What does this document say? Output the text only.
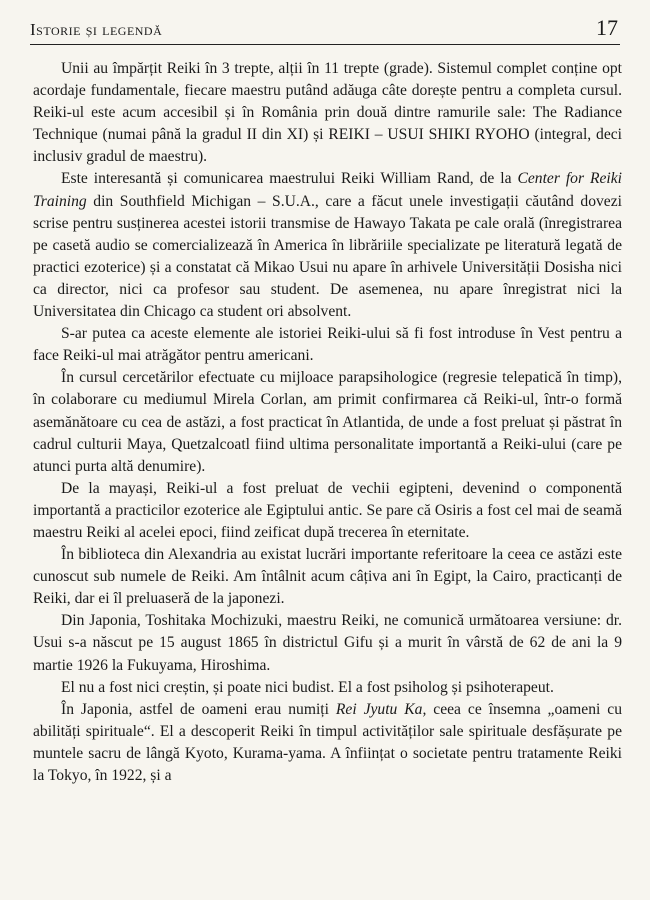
Istorie și legendă	17

Unii au împărțit Reiki în 3 trepte, alții în 11 trepte (grade). Sistemul complet conține opt acordaje fundamentale, fiecare maestru putând adăuga câte dorește pentru a completa cursul. Reiki-ul este acum accesibil și în România prin două dintre ramurile sale: The Radiance Technique (numai până la gradul II din XI) și REIKI – USUI SHIKI RYOHO (integral, deci inclusiv gradul de maestru).

Este interesantă și comunicarea maestrului Reiki William Rand, de la Center for Reiki Training din Southfield Michigan – S.U.A., care a făcut unele investigații căutând dovezi scrise pentru susținerea acestei istorii transmise de Hawayo Takata pe cale orală (înregistrarea pe casetă audio se comercializează în America în librăriile specializate pe literatură legată de practici ezoterice) și a constatat că Mikao Usui nu apare în arhivele Universității Dosisha nici ca director, nici ca profesor sau student. De asemenea, nu apare înregistrat nici la Universitatea din Chicago ca student ori absolvent.

S-ar putea ca aceste elemente ale istoriei Reiki-ului să fi fost introduse în Vest pentru a face Reiki-ul mai atrăgător pentru americani.

În cursul cercetărilor efectuate cu mijloace parapsihologice (regresie telepatică în timp), în colaborare cu mediumul Mirela Corlan, am primit confirmarea că Reiki-ul, într-o formă asemănătoare cu cea de astăzi, a fost practicat în Atlantida, de unde a fost preluat și păstrat în cadrul culturii Maya, Quetzalcoatl fiind ultima personalitate importantă a Reiki-ului (care pe atunci purta altă denumire).

De la mayași, Reiki-ul a fost preluat de vechii egipteni, devenind o componentă importantă a practicilor ezoterice ale Egiptului antic. Se pare că Osiris a fost cel mai de seamă maestru Reiki al acelei epoci, fiind zeificat după trecerea în eternitate.

În biblioteca din Alexandria au existat lucrări importante referitoare la ceea ce astăzi este cunoscut sub numele de Reiki. Am întâlnit acum câțiva ani în Egipt, la Cairo, practicanți de Reiki, dar ei îl preluaseră de la japonezi.

Din Japonia, Toshitaka Mochizuki, maestru Reiki, ne comunică următoarea versiune: dr. Usui s-a născut pe 15 august 1865 în districtul Gifu și a murit în vârstă de 62 de ani la 9 martie 1926 la Fukuyama, Hiroshima.

El nu a fost nici creștin, și poate nici budist. El a fost psiholog și psihoterapeut.

În Japonia, astfel de oameni erau numiți Rei Jyutu Ka, ceea ce însemna „oameni cu abilități spirituale“. El a descoperit Reiki în timpul activităților sale spirituale desfășurate pe muntele sacru de lângă Kyoto, Kurama-yama. A înființat o societate pentru tratamente Reiki la Tokyo, în 1922, și a
